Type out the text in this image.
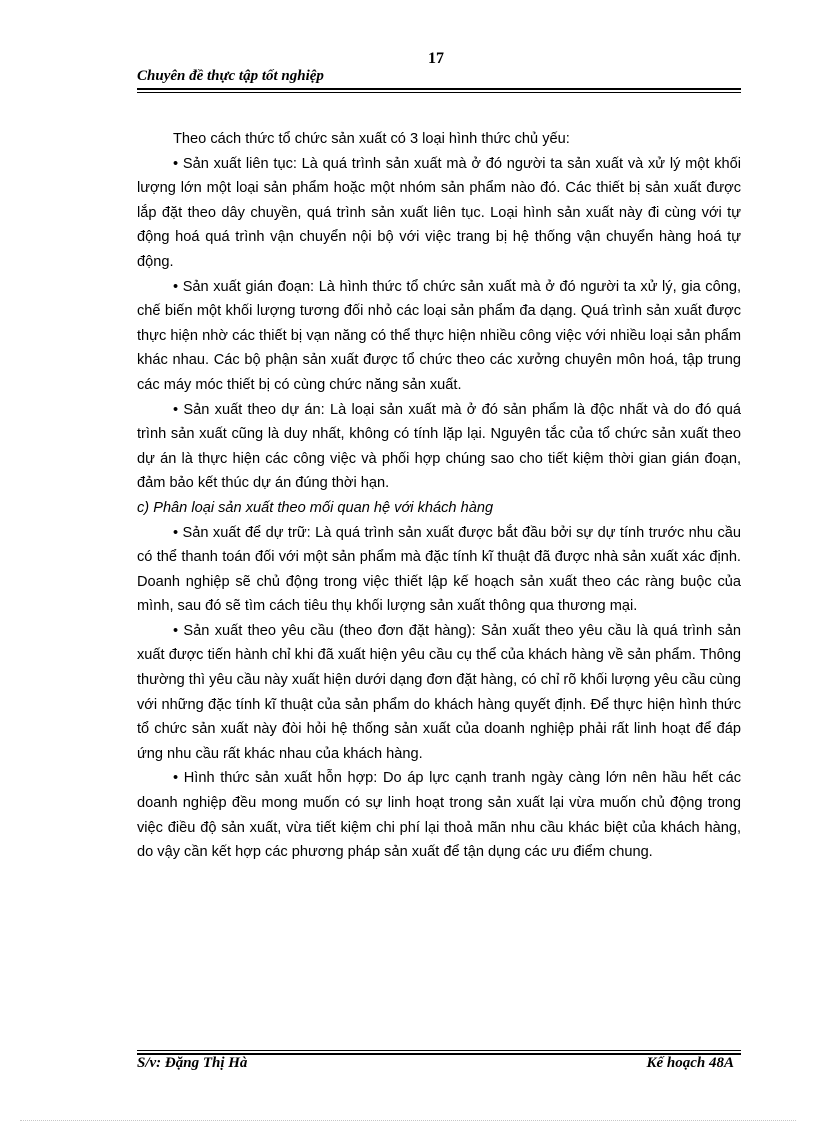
17
Chuyên đề thực tập tốt nghiệp

Theo cách thức tổ chức sản xuất có 3 loại hình thức chủ yếu:

• Sản xuất liên tục: Là quá trình sản xuất mà ở đó người ta sản xuất và xử lý một khối lượng lớn một loại sản phẩm hoặc một nhóm sản phẩm nào đó. Các thiết bị sản xuất được lắp đặt theo dây chuyền, quá trình sản xuất liên tục. Loại hình sản xuất này đi cùng với tự động hoá quá trình vận chuyển nội bộ với việc trang bị hệ thống vận chuyển hàng hoá tự động.

• Sản xuất gián đoạn: Là hình thức tổ chức sản xuất mà ở đó người ta xử lý, gia công, chế biến một khối lượng tương đối nhỏ các loại sản phẩm đa dạng. Quá trình sản xuất được thực hiện nhờ các thiết bị vạn năng có thể thực hiện nhiều công việc với nhiều loại sản phẩm khác nhau. Các bộ phận sản xuất được tổ chức theo các xưởng chuyên môn hoá, tập trung các máy móc thiết bị có cùng chức năng sản xuất.

• Sản xuất theo dự án: Là loại sản xuất mà ở đó sản phẩm là độc nhất và do đó quá trình sản xuất cũng là duy nhất, không có tính lặp lại. Nguyên tắc của tổ chức sản xuất theo dự án là thực hiện các công việc và phối hợp chúng sao cho tiết kiệm thời gian gián đoạn, đảm bảo kết thúc dự án đúng thời hạn.

c) Phân loại sản xuất theo mối quan hệ với khách hàng

• Sản xuất để dự trữ: Là quá trình sản xuất được bắt đầu bởi sự dự tính trước nhu cầu có thể thanh toán đối với một sản phẩm mà đặc tính kĩ thuật đã được nhà sản xuất xác định. Doanh nghiệp sẽ chủ động trong việc thiết lập kế hoạch sản xuất theo các ràng buộc của mình, sau đó sẽ tìm cách tiêu thụ khối lượng sản xuất thông qua thương mại.

• Sản xuất theo yêu cầu (theo đơn đặt hàng): Sản xuất theo yêu cầu là quá trình sản xuất được tiến hành chỉ khi đã xuất hiện yêu cầu cụ thể của khách hàng về sản phẩm. Thông thường thì yêu cầu này xuất hiện dưới dạng đơn đặt hàng, có chỉ rõ khối lượng yêu cầu cùng với những đặc tính kĩ thuật của sản phẩm do khách hàng quyết định. Để thực hiện hình thức tổ chức sản xuất này đòi hỏi hệ thống sản xuất của doanh nghiệp phải rất linh hoạt để đáp ứng nhu cầu rất khác nhau của khách hàng.

• Hình thức sản xuất hỗn hợp: Do áp lực cạnh tranh ngày càng lớn nên hầu hết các doanh nghiệp đều mong muốn có sự linh hoạt trong sản xuất lại vừa muốn chủ động trong việc điều độ sản xuất, vừa tiết kiệm chi phí lại thoả mãn nhu cầu khác biệt của khách hàng, do vậy cần kết hợp các phương pháp sản xuất để tận dụng các ưu điểm chung.

S/v: Đặng Thị Hà	Kế hoạch 48A
